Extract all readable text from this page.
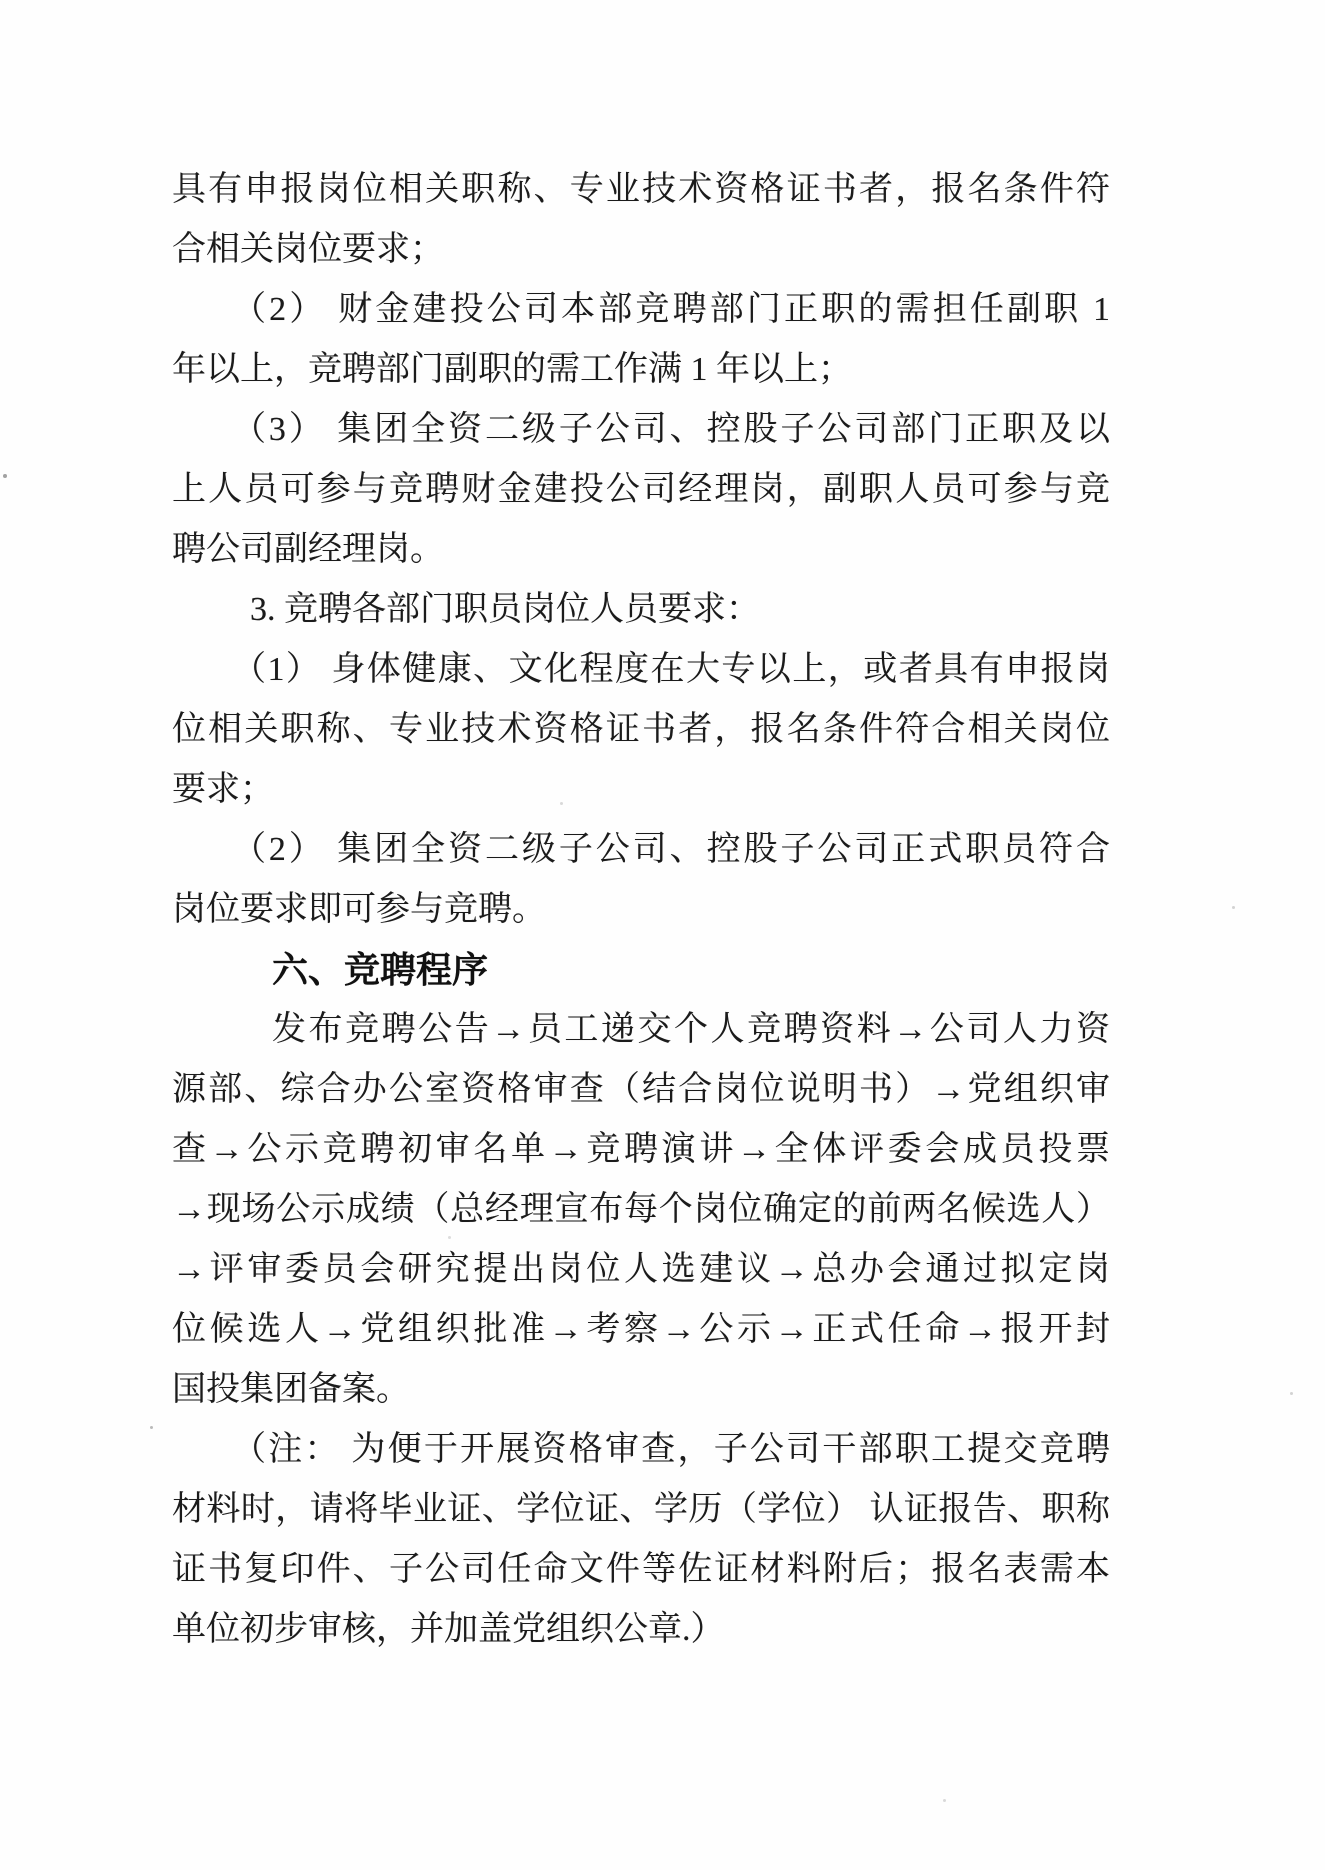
具有申报岗位相关职称、专业技术资格证书者，报名条件符
合相关岗位要求；
（2） 财金建投公司本部竞聘部门正职的需担任副职 1
年以上，竞聘部门副职的需工作满 1 年以上；
（3） 集团全资二级子公司、控股子公司部门正职及以
上人员可参与竞聘财金建投公司经理岗，副职人员可参与竞
聘公司副经理岗。
3. 竞聘各部门职员岗位人员要求：
（1） 身体健康、文化程度在大专以上，或者具有申报岗
位相关职称、专业技术资格证书者，报名条件符合相关岗位
要求；
（2） 集团全资二级子公司、控股子公司正式职员符合
岗位要求即可参与竞聘。
六、竞聘程序
发布竞聘公告→员工递交个人竞聘资料→公司人力资
源部、综合办公室资格审查（结合岗位说明书）→党组织审
查→公示竞聘初审名单→竞聘演讲→全体评委会成员投票
→现场公示成绩（总经理宣布每个岗位确定的前两名候选人）
→评审委员会研究提出岗位人选建议→总办会通过拟定岗
位候选人→党组织批准→考察→公示→正式任命→报开封
国投集团备案。
（注： 为便于开展资格审查，子公司干部职工提交竞聘
材料时，请将毕业证、学位证、学历（学位） 认证报告、职称
证书复印件、子公司任命文件等佐证材料附后；报名表需本
单位初步审核，并加盖党组织公章.）
